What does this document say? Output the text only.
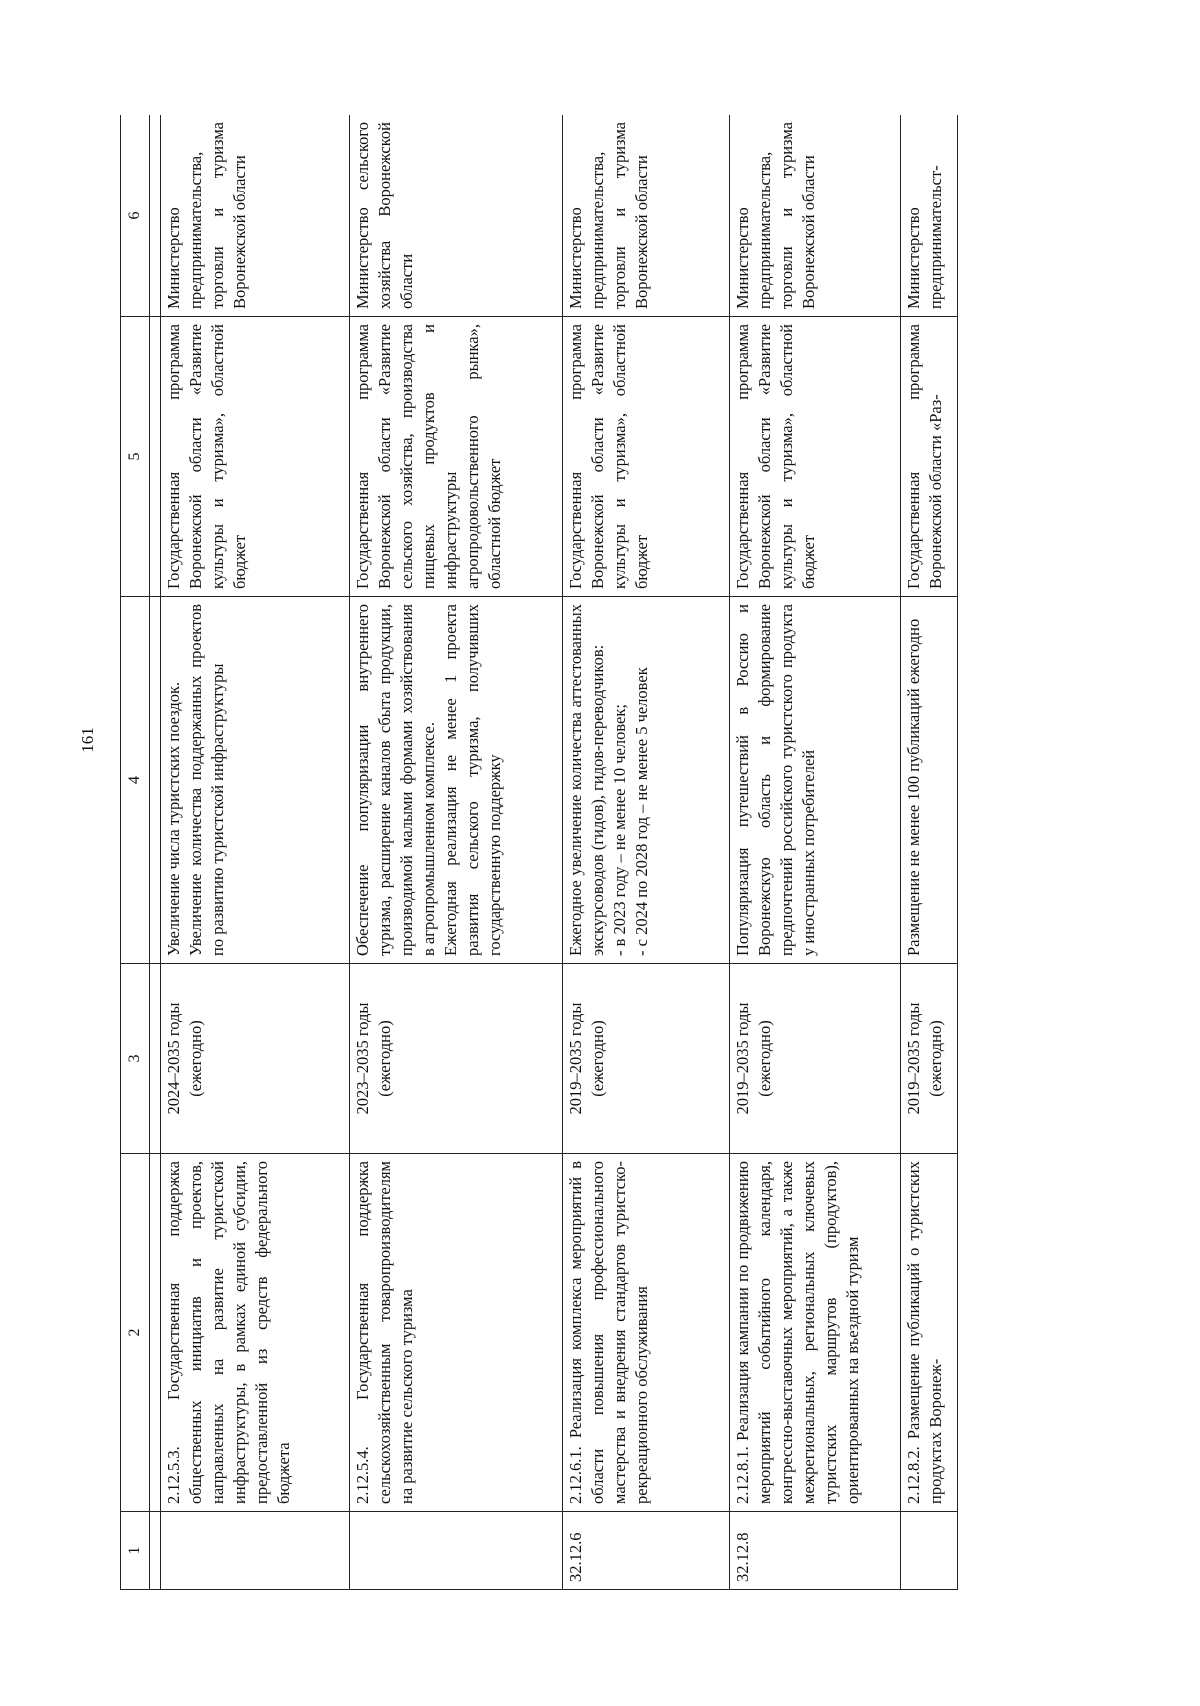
161
1	2	3	4	5	6

	2.12.5.3. Государственная поддержка общественных инициатив и проектов, направленных на развитие туристской инфраструктуры, в рамках единой субсидии, предоставленной из средств федерального бюджета	2024–2035 годы (ежегодно)	Увеличение числа туристских поездок. Увеличение количества поддержанных проектов по развитию туристской инфраструктуры	Государственная программа Воронежской области «Развитие культуры и туризма», областной бюджет	Министерство предпринимательства, торговли и туризма Воронежской области
	2.12.5.4. Государственная поддержка сельскохозяйственным товаропроизводителям на развитие сельского туризма	2023–2035 годы (ежегодно)	Обеспечение популяризации внутреннего туризма, расширение каналов сбыта продукции, производимой малыми формами хозяйствования в агропромышленном комплексе. Ежегодная реализация не менее 1 проекта развития сельского туризма, получивших государственную поддержку	Государственная программа Воронежской области «Развитие сельского хозяйства, производства пищевых продуктов и инфраструктуры агропродовольственного рынка», областной бюджет	Министерство сельского хозяйства Воронежской области
32.12.6	2.12.6.1. Реализация комплекса мероприятий в области повышения профессионального мастерства и внедрения стандартов туристско-рекреационного обслуживания	2019–2035 годы (ежегодно)	Ежегодное увеличение количества аттестованных экскурсоводов (гидов), гидов-переводчиков: - в 2023 году – не менее 10 человек; - с 2024 по 2028 год – не менее 5 человек	Государственная программа Воронежской области «Развитие культуры и туризма», областной бюджет	Министерство предпринимательства, торговли и туризма Воронежской области
32.12.8	2.12.8.1. Реализация кампании по продвижению мероприятий событийного календаря, конгрессно-выставочных мероприятий, а также межрегиональных, региональных ключевых туристских маршрутов (продуктов), ориентированных на въездной туризм	2019–2035 годы (ежегодно)	Популяризация путешествий в Россию и Воронежскую область и формирование предпочтений российского туристского продукта у иностранных потребителей	Государственная программа Воронежской области «Развитие культуры и туризма», областной бюджет	Министерство предпринимательства, торговли и туризма Воронежской области
	2.12.8.2. Размещение публикаций о туристских продуктах Воронеж-	2019–2035 годы (ежегодно)	Размещение не менее 100 публикаций ежегодно	Государственная программа Воронежской области «Раз-	Министерство предпринимательст-
